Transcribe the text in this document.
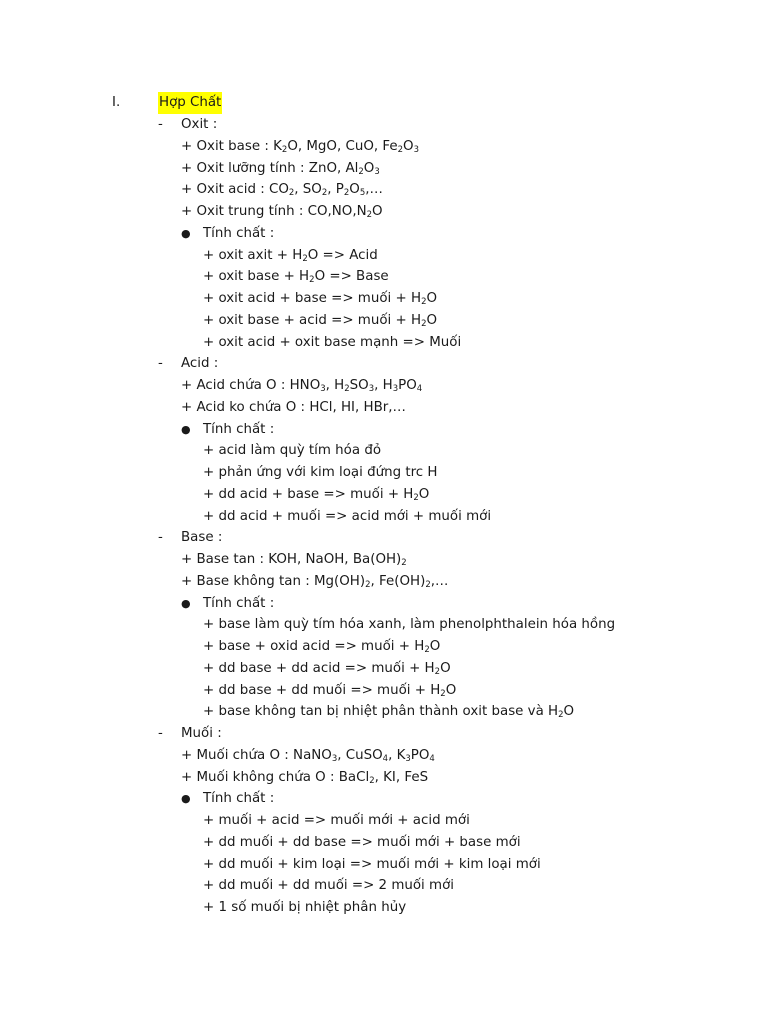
I.	Hợp Chất
- Oxit :
+ Oxit base : $K_2O$, MgO, CuO, $Fe_2O_3$
+ Oxit lưỡng tính : ZnO, $Al_2O_3$
+ Oxit acid : $CO_2$, $SO_2$, $P_2O_5,\dots$
+ Oxit trung tính : $CO,NO,N_2O$
● Tính chất :
+ oxit axit + $H_2O$ => Acid
+ oxit base + $H_2O$ => Base
+ oxit acid + base => muối + $H_2O$
+ oxit base + acid => muối + $H_2O$
+ oxit acid + oxit base mạnh => Muối
- Acid :
+ Acid chứa O : $HNO_3$, $H_2SO_3$, $H_3PO_4$
+ Acid ko chứa O : HCl, HI, HBr,…
● Tính chất :
+ acid làm quỳ tím hóa đỏ
+ phản ứng với kim loại đứng trc H
+ dd acid + base => muối + $H_2O$
+ dd acid + muối => acid mới + muối mới
- Base :
+ Base tan : KOH, NaOH, $Ba(OH)_2$
+ Base không tan : $Mg(OH)_2$, $Fe(OH)_2,\dots$
● Tính chất :
+ base làm quỳ tím hóa xanh, làm phenolphthalein hóa hồng
+ base + oxid acid => muối + $H_2O$
+ dd base + dd acid => muối + $H_2O$
+ dd base + dd muối => muối + $H_2O$
+ base không tan bị nhiệt phân thành oxit base và $H_2O$
- Muối :
+ Muối chứa O : NaNO$_3$, CuSO$_4$, $K_3PO_4$
+ Muối không chứa O : BaCl$_2$, KI, FeS
● Tính chất :
+ muối + acid => muối mới + acid mới
+ dd muối + dd base => muối mới + base mới
+ dd muối + kim loại => muối mới + kim loại mới
+ dd muối + dd muối => 2 muối mới
+ 1 số muối bị nhiệt phân hủy
